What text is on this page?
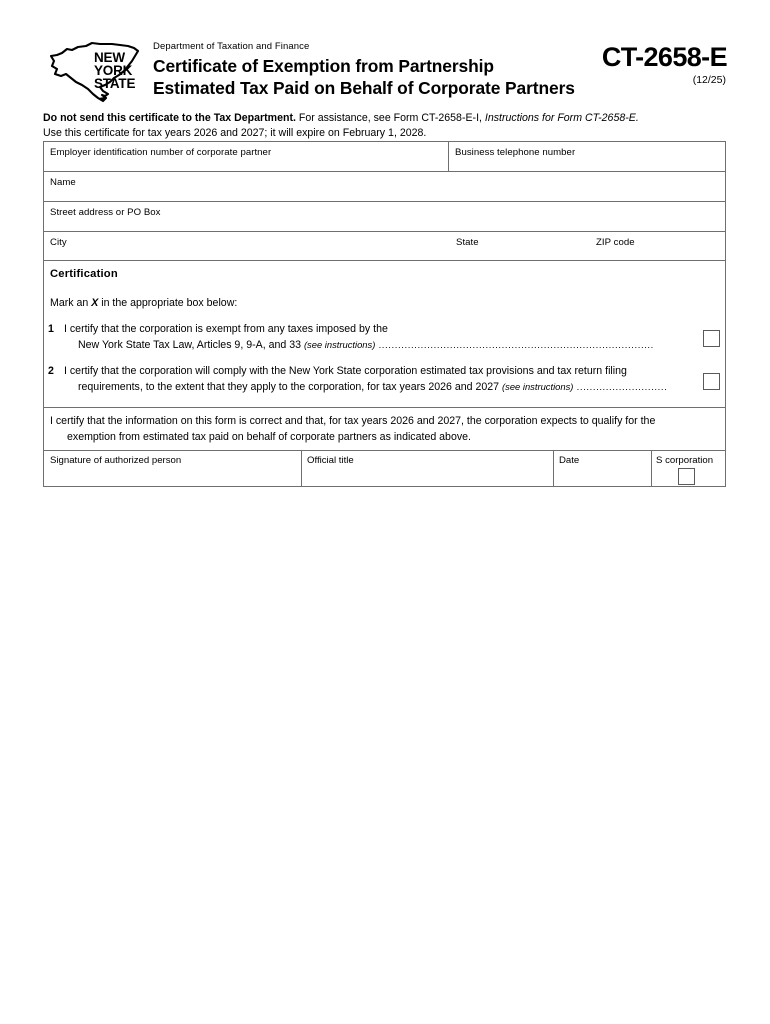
NEW
YORK
STATE
Department of Taxation and Finance
Certificate of Exemption from Partnership
Estimated Tax Paid on Behalf of Corporate Partners
CT-2658-E
(12/25)
Do not send this certificate to the Tax Department. For assistance, see Form CT-2658-E-I, Instructions for Form CT-2658-E.
Use this certificate for tax years 2026 and 2027; it will expire on February 1, 2028.
Employer identification number of corporate partner	Business telephone number
Name
Street address or PO Box
City	State	ZIP code
Certification
Mark an X in the appropriate box below:
1 I certify that the corporation is exempt from any taxes imposed by the
New York State Tax Law, Articles 9, 9-A, and 33 (see instructions) .....................................................................................
2 I certify that the corporation will comply with the New York State corporation estimated tax provisions and tax return filing
requirements, to the extent that they apply to the corporation, for tax years 2026 and 2027 (see instructions) ............................
I certify that the information on this form is correct and that, for tax years 2026 and 2027, the corporation expects to qualify for the
exemption from estimated tax paid on behalf of corporate partners as indicated above.
Signature of authorized person	Official title	Date	S corporation
